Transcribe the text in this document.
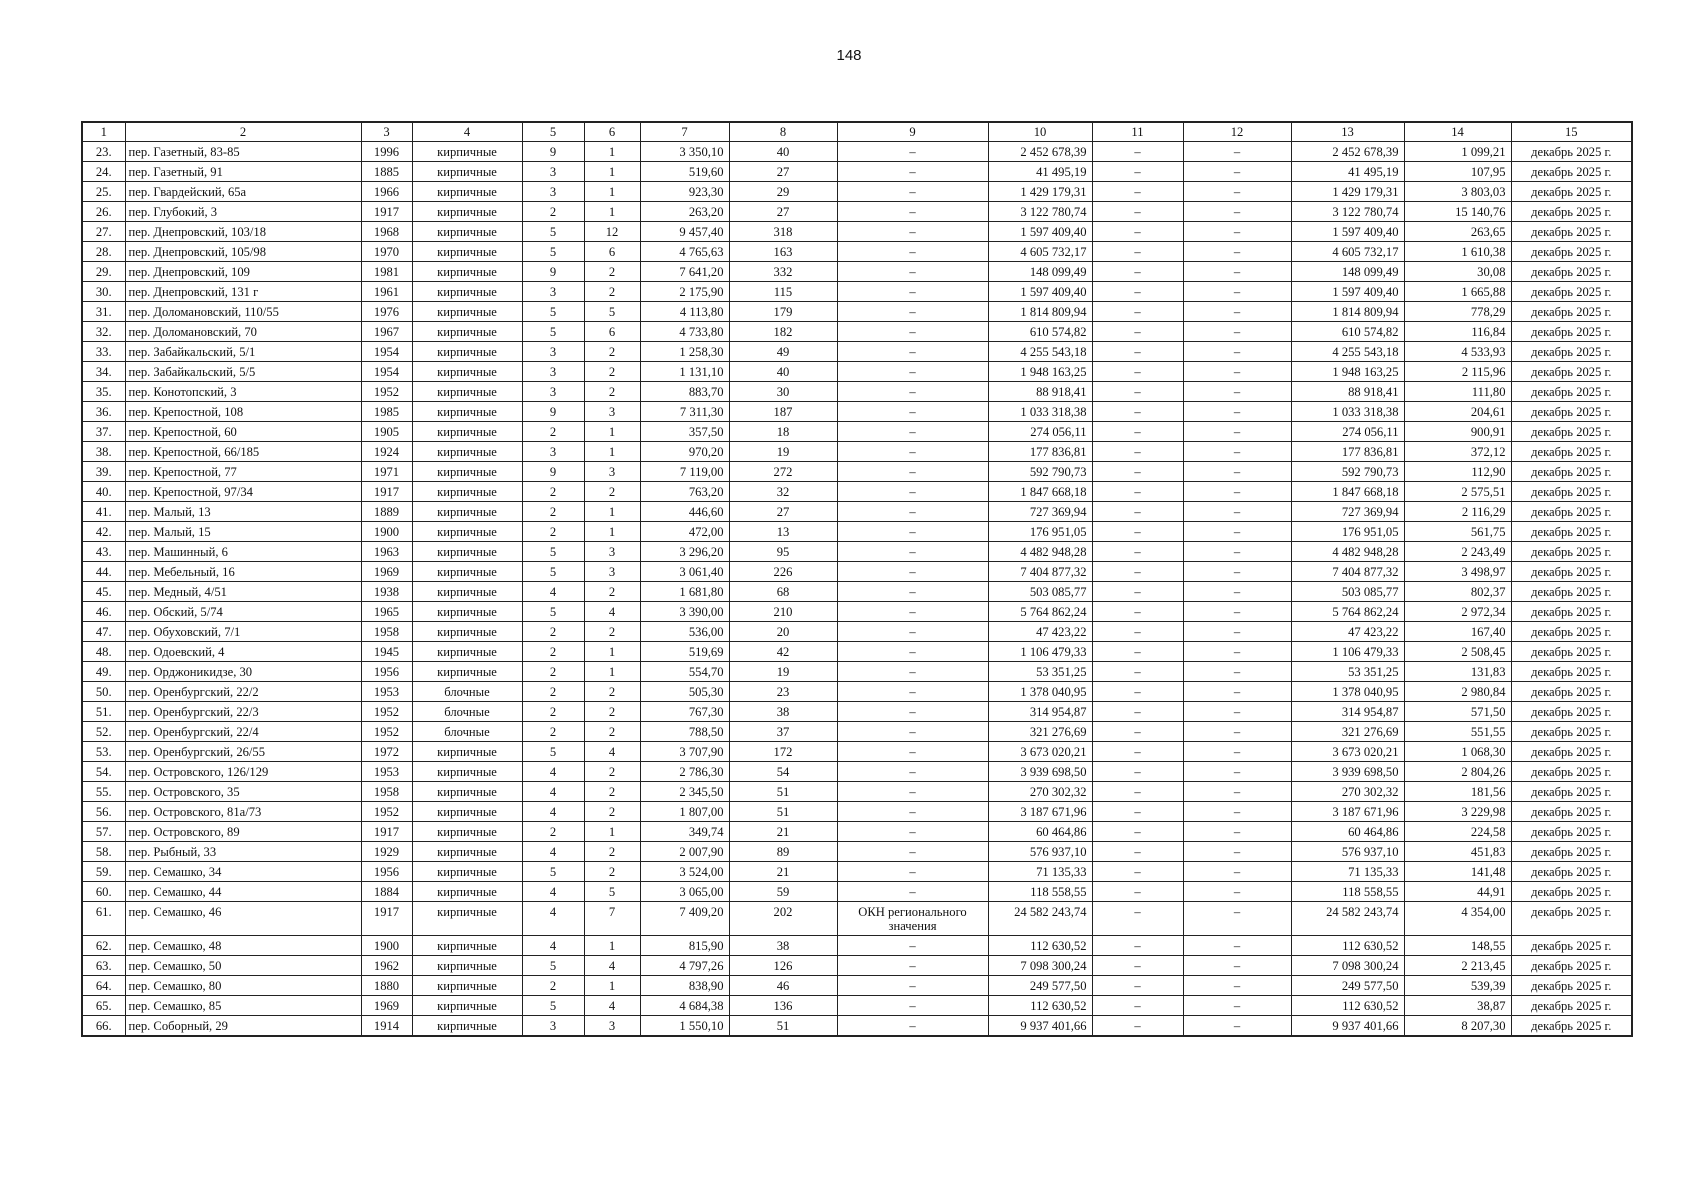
148
1	2	3	4	5	6	7	8	9	10	11	12	13	14	15
23.	пер. Газетный, 83-85	1996	кирпичные	9	1	3 350,10	40	–	2 452 678,39	–	–	2 452 678,39	1 099,21	декабрь 2025 г.
24.	пер. Газетный, 91	1885	кирпичные	3	1	519,60	27	–	41 495,19	–	–	41 495,19	107,95	декабрь 2025 г.
25.	пер. Гвардейский, 65а	1966	кирпичные	3	1	923,30	29	–	1 429 179,31	–	–	1 429 179,31	3 803,03	декабрь 2025 г.
26.	пер. Глубокий, 3	1917	кирпичные	2	1	263,20	27	–	3 122 780,74	–	–	3 122 780,74	15 140,76	декабрь 2025 г.
27.	пер. Днепровский, 103/18	1968	кирпичные	5	12	9 457,40	318	–	1 597 409,40	–	–	1 597 409,40	263,65	декабрь 2025 г.
28.	пер. Днепровский, 105/98	1970	кирпичные	5	6	4 765,63	163	–	4 605 732,17	–	–	4 605 732,17	1 610,38	декабрь 2025 г.
29.	пер. Днепровский, 109	1981	кирпичные	9	2	7 641,20	332	–	148 099,49	–	–	148 099,49	30,08	декабрь 2025 г.
30.	пер. Днепровский, 131 г	1961	кирпичные	3	2	2 175,90	115	–	1 597 409,40	–	–	1 597 409,40	1 665,88	декабрь 2025 г.
31.	пер. Доломановский, 110/55	1976	кирпичные	5	5	4 113,80	179	–	1 814 809,94	–	–	1 814 809,94	778,29	декабрь 2025 г.
32.	пер. Доломановский, 70	1967	кирпичные	5	6	4 733,80	182	–	610 574,82	–	–	610 574,82	116,84	декабрь 2025 г.
33.	пер. Забайкальский, 5/1	1954	кирпичные	3	2	1 258,30	49	–	4 255 543,18	–	–	4 255 543,18	4 533,93	декабрь 2025 г.
34.	пер. Забайкальский, 5/5	1954	кирпичные	3	2	1 131,10	40	–	1 948 163,25	–	–	1 948 163,25	2 115,96	декабрь 2025 г.
35.	пер. Конотопский, 3	1952	кирпичные	3	2	883,70	30	–	88 918,41	–	–	88 918,41	111,80	декабрь 2025 г.
36.	пер. Крепостной, 108	1985	кирпичные	9	3	7 311,30	187	–	1 033 318,38	–	–	1 033 318,38	204,61	декабрь 2025 г.
37.	пер. Крепостной, 60	1905	кирпичные	2	1	357,50	18	–	274 056,11	–	–	274 056,11	900,91	декабрь 2025 г.
38.	пер. Крепостной, 66/185	1924	кирпичные	3	1	970,20	19	–	177 836,81	–	–	177 836,81	372,12	декабрь 2025 г.
39.	пер. Крепостной, 77	1971	кирпичные	9	3	7 119,00	272	–	592 790,73	–	–	592 790,73	112,90	декабрь 2025 г.
40.	пер. Крепостной, 97/34	1917	кирпичные	2	2	763,20	32	–	1 847 668,18	–	–	1 847 668,18	2 575,51	декабрь 2025 г.
41.	пер. Малый, 13	1889	кирпичные	2	1	446,60	27	–	727 369,94	–	–	727 369,94	2 116,29	декабрь 2025 г.
42.	пер. Малый, 15	1900	кирпичные	2	1	472,00	13	–	176 951,05	–	–	176 951,05	561,75	декабрь 2025 г.
43.	пер. Машинный, 6	1963	кирпичные	5	3	3 296,20	95	–	4 482 948,28	–	–	4 482 948,28	2 243,49	декабрь 2025 г.
44.	пер. Мебельный, 16	1969	кирпичные	5	3	3 061,40	226	–	7 404 877,32	–	–	7 404 877,32	3 498,97	декабрь 2025 г.
45.	пер. Медный, 4/51	1938	кирпичные	4	2	1 681,80	68	–	503 085,77	–	–	503 085,77	802,37	декабрь 2025 г.
46.	пер. Обский, 5/74	1965	кирпичные	5	4	3 390,00	210	–	5 764 862,24	–	–	5 764 862,24	2 972,34	декабрь 2025 г.
47.	пер. Обуховский, 7/1	1958	кирпичные	2	2	536,00	20	–	47 423,22	–	–	47 423,22	167,40	декабрь 2025 г.
48.	пер. Одоевский, 4	1945	кирпичные	2	1	519,69	42	–	1 106 479,33	–	–	1 106 479,33	2 508,45	декабрь 2025 г.
49.	пер. Орджоникидзе, 30	1956	кирпичные	2	1	554,70	19	–	53 351,25	–	–	53 351,25	131,83	декабрь 2025 г.
50.	пер. Оренбургский, 22/2	1953	блочные	2	2	505,30	23	–	1 378 040,95	–	–	1 378 040,95	2 980,84	декабрь 2025 г.
51.	пер. Оренбургский, 22/3	1952	блочные	2	2	767,30	38	–	314 954,87	–	–	314 954,87	571,50	декабрь 2025 г.
52.	пер. Оренбургский, 22/4	1952	блочные	2	2	788,50	37	–	321 276,69	–	–	321 276,69	551,55	декабрь 2025 г.
53.	пер. Оренбургский, 26/55	1972	кирпичные	5	4	3 707,90	172	–	3 673 020,21	–	–	3 673 020,21	1 068,30	декабрь 2025 г.
54.	пер. Островского, 126/129	1953	кирпичные	4	2	2 786,30	54	–	3 939 698,50	–	–	3 939 698,50	2 804,26	декабрь 2025 г.
55.	пер. Островского, 35	1958	кирпичные	4	2	2 345,50	51	–	270 302,32	–	–	270 302,32	181,56	декабрь 2025 г.
56.	пер. Островского, 81а/73	1952	кирпичные	4	2	1 807,00	51	–	3 187 671,96	–	–	3 187 671,96	3 229,98	декабрь 2025 г.
57.	пер. Островского, 89	1917	кирпичные	2	1	349,74	21	–	60 464,86	–	–	60 464,86	224,58	декабрь 2025 г.
58.	пер. Рыбный, 33	1929	кирпичные	4	2	2 007,90	89	–	576 937,10	–	–	576 937,10	451,83	декабрь 2025 г.
59.	пер. Семашко, 34	1956	кирпичные	5	2	3 524,00	21	–	71 135,33	–	–	71 135,33	141,48	декабрь 2025 г.
60.	пер. Семашко, 44	1884	кирпичные	4	5	3 065,00	59	–	118 558,55	–	–	118 558,55	44,91	декабрь 2025 г.
61.	пер. Семашко, 46	1917	кирпичные	4	7	7 409,20	202	ОКН регионального значения	24 582 243,74	–	–	24 582 243,74	4 354,00	декабрь 2025 г.
62.	пер. Семашко, 48	1900	кирпичные	4	1	815,90	38	–	112 630,52	–	–	112 630,52	148,55	декабрь 2025 г.
63.	пер. Семашко, 50	1962	кирпичные	5	4	4 797,26	126	–	7 098 300,24	–	–	7 098 300,24	2 213,45	декабрь 2025 г.
64.	пер. Семашко, 80	1880	кирпичные	2	1	838,90	46	–	249 577,50	–	–	249 577,50	539,39	декабрь 2025 г.
65.	пер. Семашко, 85	1969	кирпичные	5	4	4 684,38	136	–	112 630,52	–	–	112 630,52	38,87	декабрь 2025 г.
66.	пер. Соборный, 29	1914	кирпичные	3	3	1 550,10	51	–	9 937 401,66	–	–	9 937 401,66	8 207,30	декабрь 2025 г.
